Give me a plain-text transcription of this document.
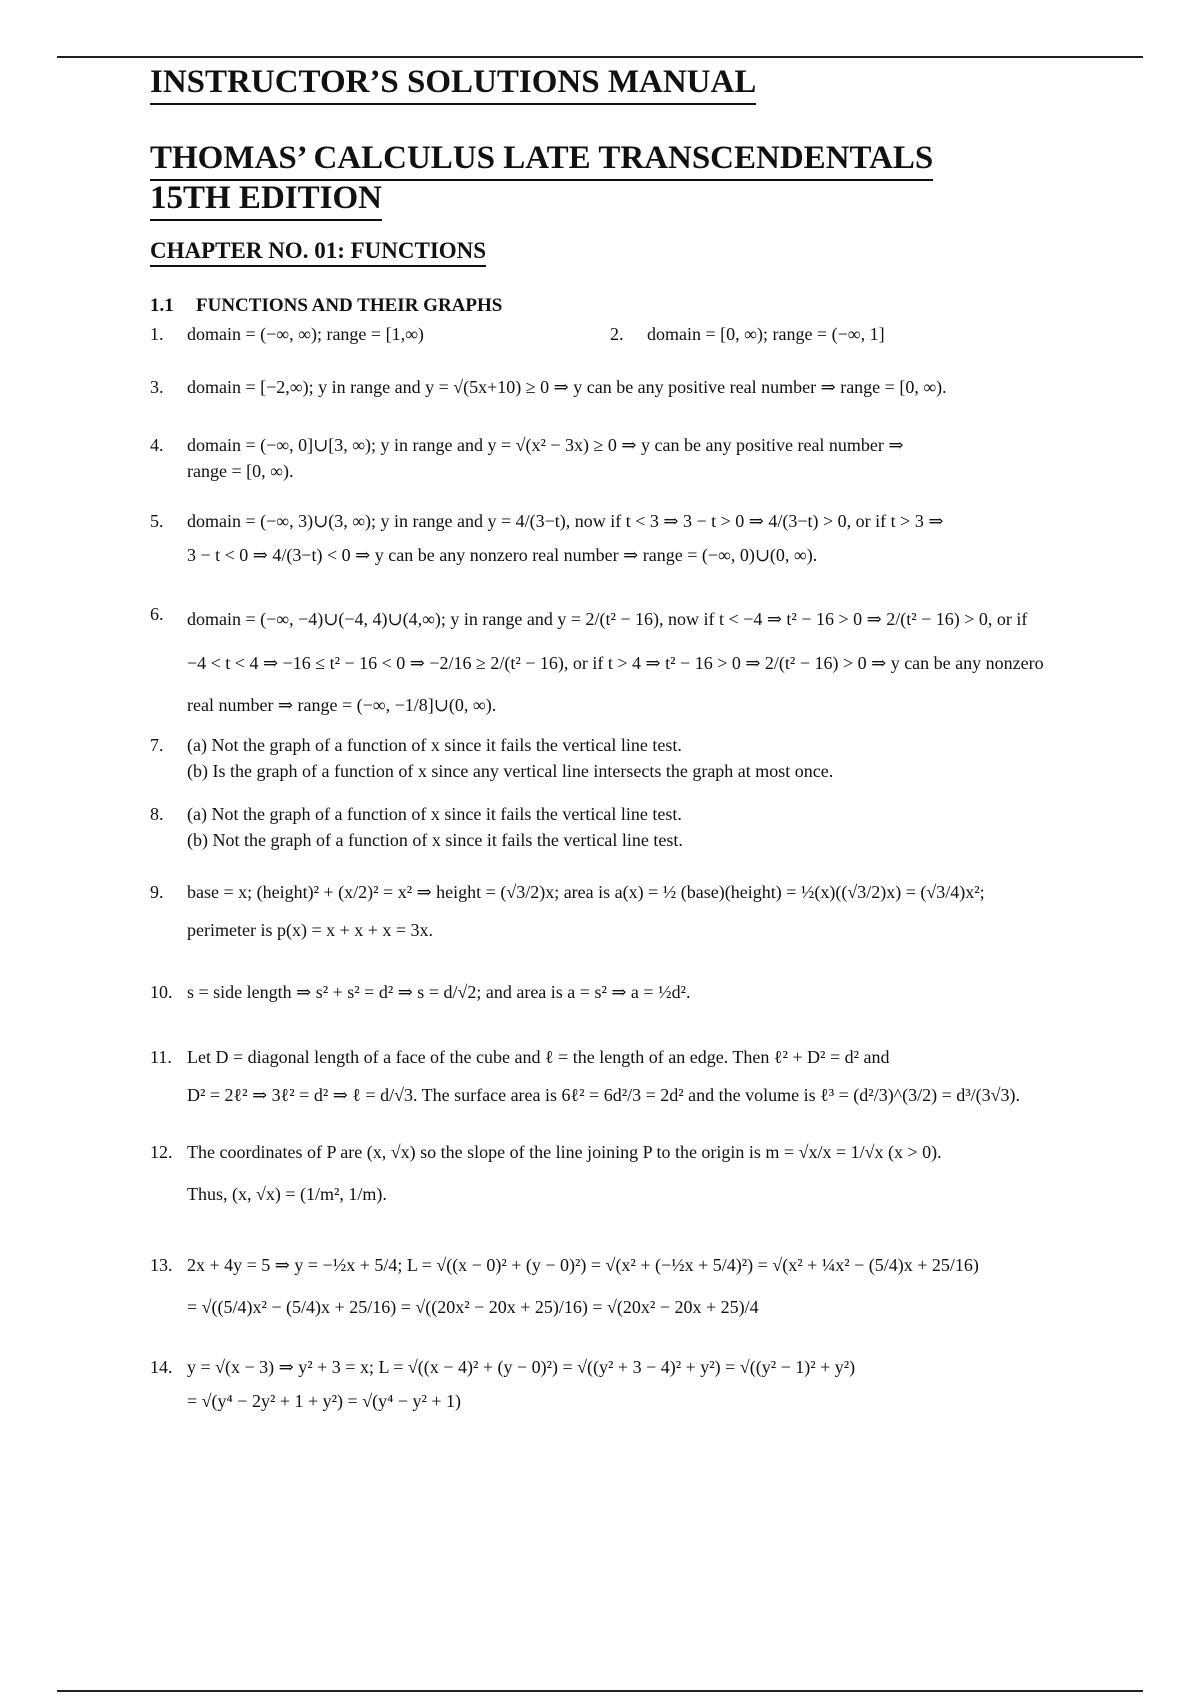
INSTRUCTOR’S SOLUTIONS MANUAL
THOMAS’ CALCULUS LATE TRANSCENDENTALS
15TH EDITION
CHAPTER NO. 01: FUNCTIONS
1.1 FUNCTIONS AND THEIR GRAPHS
1.	domain = (−∞, ∞); range = [1,∞)	2.	domain = [0, ∞); range = (−∞, 1]
3.	domain = [−2,∞); y in range and y = √(5x+10) ≥ 0 ⇒ y can be any positive real number ⇒ range = [0, ∞).
4.	domain = (−∞, 0]∪[3, ∞); y in range and y = √(x² − 3x) ≥ 0 ⇒ y can be any positive real number ⇒
range = [0, ∞).
5.	domain = (−∞, 3)∪(3, ∞); y in range and y = 4/(3−t), now if t < 3 ⇒ 3 − t > 0 ⇒ 4/(3−t) > 0, or if t > 3 ⇒
3 − t < 0 ⇒ 4/(3−t) < 0 ⇒ y can be any nonzero real number ⇒ range = (−∞, 0)∪(0, ∞).
6.	domain = (−∞, −4)∪(−4, 4)∪(4,∞); y in range and y = 2/(t² − 16), now if t < −4 ⇒ t² − 16 > 0 ⇒ 2/(t² − 16) > 0, or if
−4 < t < 4 ⇒ −16 ≤ t² − 16 < 0 ⇒ −2/16 ≥ 2/(t² − 16), or if t > 4 ⇒ t² − 16 > 0 ⇒ 2/(t² − 16) > 0 ⇒ y can be any nonzero
real number ⇒ range = (−∞, −1/8]∪(0, ∞).
7.	(a) Not the graph of a function of x since it fails the vertical line test.
(b) Is the graph of a function of x since any vertical line intersects the graph at most once.
8.	(a) Not the graph of a function of x since it fails the vertical line test.
(b) Not the graph of a function of x since it fails the vertical line test.
9.	base = x; (height)² + (x/2)² = x² ⇒ height = (√3/2)x; area is a(x) = ½ (base)(height) = ½(x)((√3/2)x) = (√3/4)x²;
perimeter is p(x) = x + x + x = 3x.
10. s = side length ⇒ s² + s² = d² ⇒ s = d/√2; and area is a = s² ⇒ a = ½d².
11. Let D = diagonal length of a face of the cube and ℓ = the length of an edge. Then ℓ² + D² = d² and
D² = 2ℓ² ⇒ 3ℓ² = d² ⇒ ℓ = d/√3. The surface area is 6ℓ² = 6d²/3 = 2d² and the volume is ℓ³ = (d²/3)^(3/2) = d³/(3√3).
12. The coordinates of P are (x, √x) so the slope of the line joining P to the origin is m = √x/x = 1/√x (x > 0).
Thus, (x, √x) = (1/m², 1/m).
13. 2x + 4y = 5 ⇒ y = −½x + 5/4; L = √((x − 0)² + (y − 0)²) = √(x² + (−½x + 5/4)²) = √(x² + ¼x² − (5/4)x + 25/16)
= √((5/4)x² − (5/4)x + 25/16) = √((20x² − 20x + 25)/16) = √(20x² − 20x + 25)/4
14. y = √(x − 3) ⇒ y² + 3 = x; L = √((x − 4)² + (y − 0)²) = √((y² + 3 − 4)² + y²) = √((y² − 1)² + y²)
= √(y⁴ − 2y² + 1 + y²) = √(y⁴ − y² + 1)
